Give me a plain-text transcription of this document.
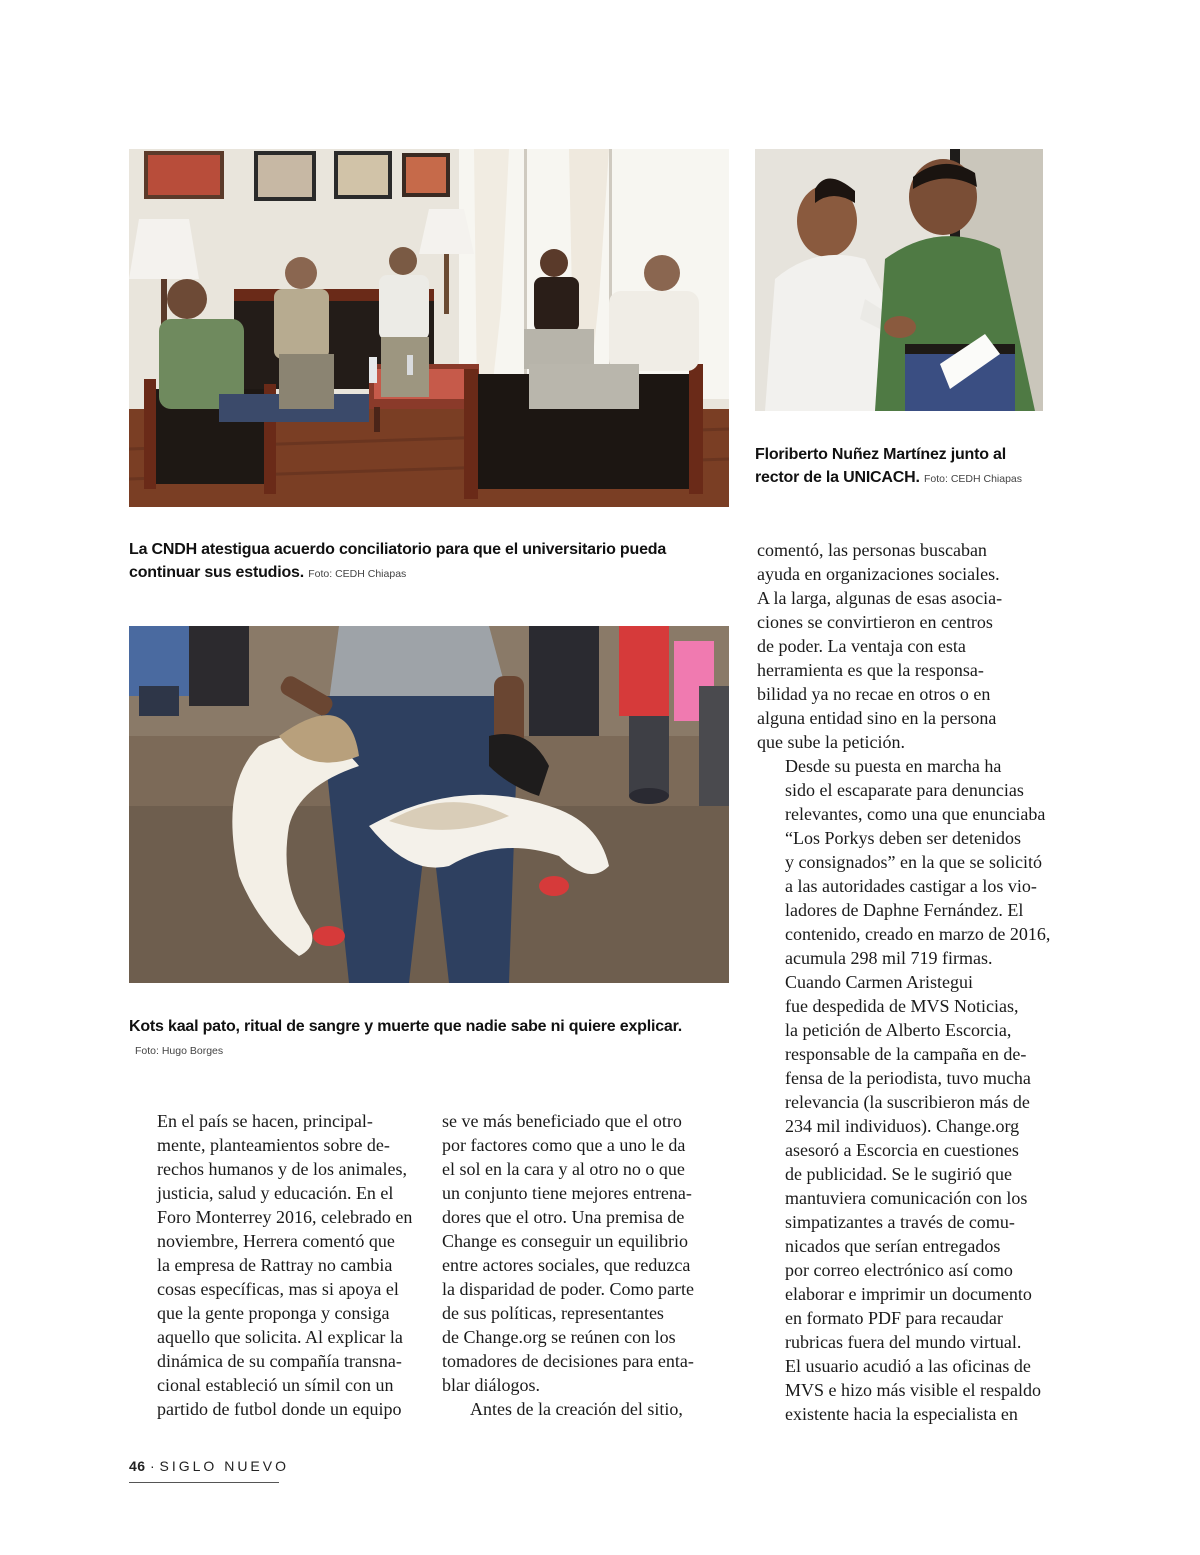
La CNDH atestigua acuerdo conciliatorio para que el universitario pueda continuar sus estudios. Foto: CEDH Chiapas
Floriberto Nuñez Martínez junto al rector de la UNICACH. Foto: CEDH Chiapas
Kots kaal pato, ritual de sangre y muerte que nadie sabe ni quiere explicar. Foto: Hugo Borges

En el país se hacen, principal-
mente, planteamientos sobre de-
rechos humanos y de los animales,
justicia, salud y educación. En el
Foro Monterrey 2016, celebrado en
noviembre, Herrera comentó que
la empresa de Rattray no cambia
cosas específicas, mas si apoya el
que la gente proponga y consiga
aquello que solicita. Al explicar la
dinámica de su compañía transna-
cional estableció un símil con un
partido de futbol donde un equipo

se ve más beneficiado que el otro
por factores como que a uno le da
el sol en la cara y al otro no o que
un conjunto tiene mejores entrena-
dores que el otro. Una premisa de
Change es conseguir un equilibrio
entre actores sociales, que reduzca
la disparidad de poder. Como parte
de sus políticas, representantes
de Change.org se reúnen con los
tomadores de decisiones para enta-
blar diálogos.

Antes de la creación del sitio,

comentó, las personas buscaban
ayuda en organizaciones sociales.
A la larga, algunas de esas asocia-
ciones se convirtieron en centros
de poder. La ventaja con esta
herramienta es que la responsa-
bilidad ya no recae en otros o en
alguna entidad sino en la persona
que sube la petición.

Desde su puesta en marcha ha
sido el escaparate para denuncias
relevantes, como una que enunciaba
“Los Porkys deben ser detenidos
y consignados” en la que se solicitó
a las autoridades castigar a los vio-
ladores de Daphne Fernández. El
contenido, creado en marzo de 2016,
acumula 298 mil 719 firmas.

Cuando Carmen Aristegui
fue despedida de MVS Noticias,
la petición de Alberto Escorcia,
responsable de la campaña en de-
fensa de la periodista, tuvo mucha
relevancia (la suscribieron más de
234 mil individuos). Change.org
asesoró a Escorcia en cuestiones
de publicidad. Se le sugirió que
mantuviera comunicación con los
simpatizantes a través de comu-
nicados que serían entregados
por correo electrónico así como
elaborar e imprimir un documento
en formato PDF para recaudar
rubricas fuera del mundo virtual.
El usuario acudió a las oficinas de
MVS e hizo más visible el respaldo
existente hacia la especialista en

46 · SIGLO NUEVO
